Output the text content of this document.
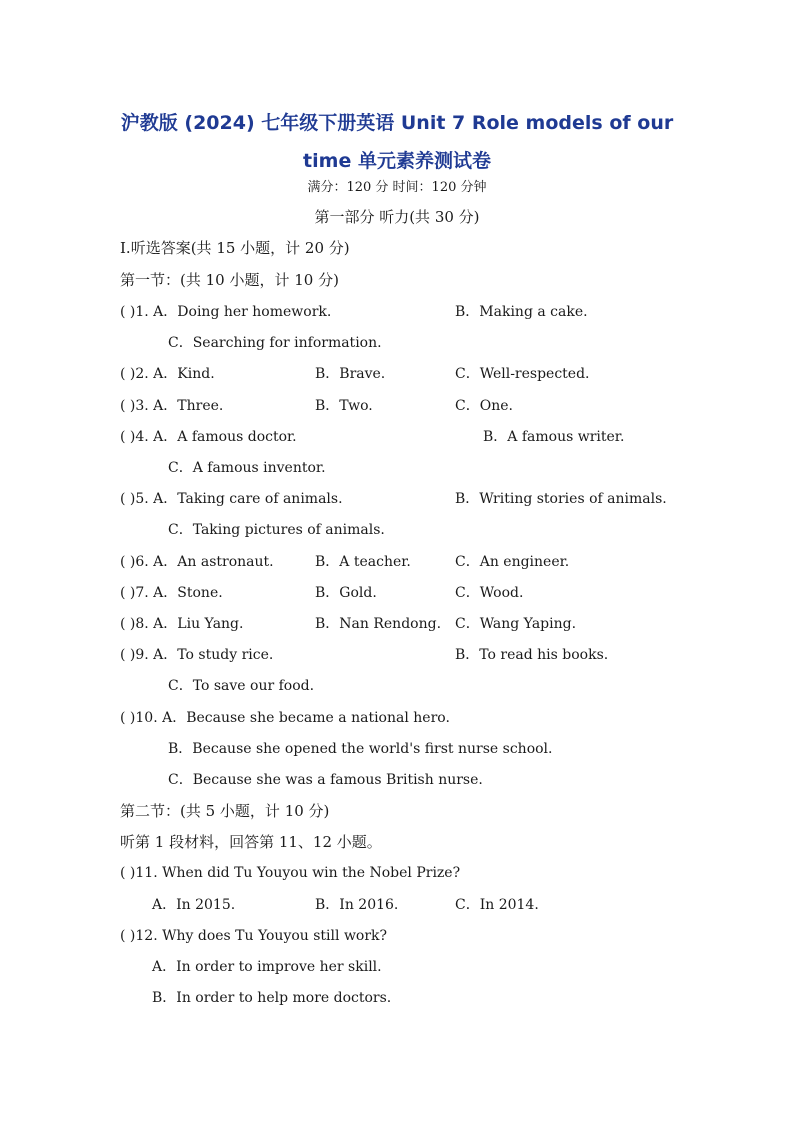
沪教版 (2024) 七年级下册英语 Unit 7 Role models of our
time 单元素养测试卷
满分：120 分 时间：120 分钟
第一部分 听力(共 30 分)
Ⅰ.听选答案(共 15 小题，计 20 分)
第一节：(共 10 小题，计 10 分)
( )1. A．Doing her homework.	B．Making a cake.
C．Searching for information.
( )2. A．Kind.	B．Brave.	C．Well-respected.
( )3. A．Three.	B．Two.	C．One.
( )4. A．A famous doctor.	B．A famous writer.
C．A famous inventor.
( )5. A．Taking care of animals.	B．Writing stories of animals.
C．Taking pictures of animals.
( )6. A．An astronaut.	B．A teacher.	C．An engineer.
( )7. A．Stone.	B．Gold.	C．Wood.
( )8. A．Liu Yang.	B．Nan Rendong. C．Wang Yaping.
( )9. A．To study rice.	B．To read his books.
C．To save our food.
( )10. A．Because she became a national hero.
B．Because she opened the world's first nurse school.
C．Because she was a famous British nurse.
第二节：(共 5 小题，计 10 分)
听第 1 段材料，回答第 11、12 小题。
( )11. When did Tu Youyou win the Nobel Prize?
A．In 2015.	B．In 2016.	C．In 2014.
( )12. Why does Tu Youyou still work?
A．In order to improve her skill.
B．In order to help more doctors.
